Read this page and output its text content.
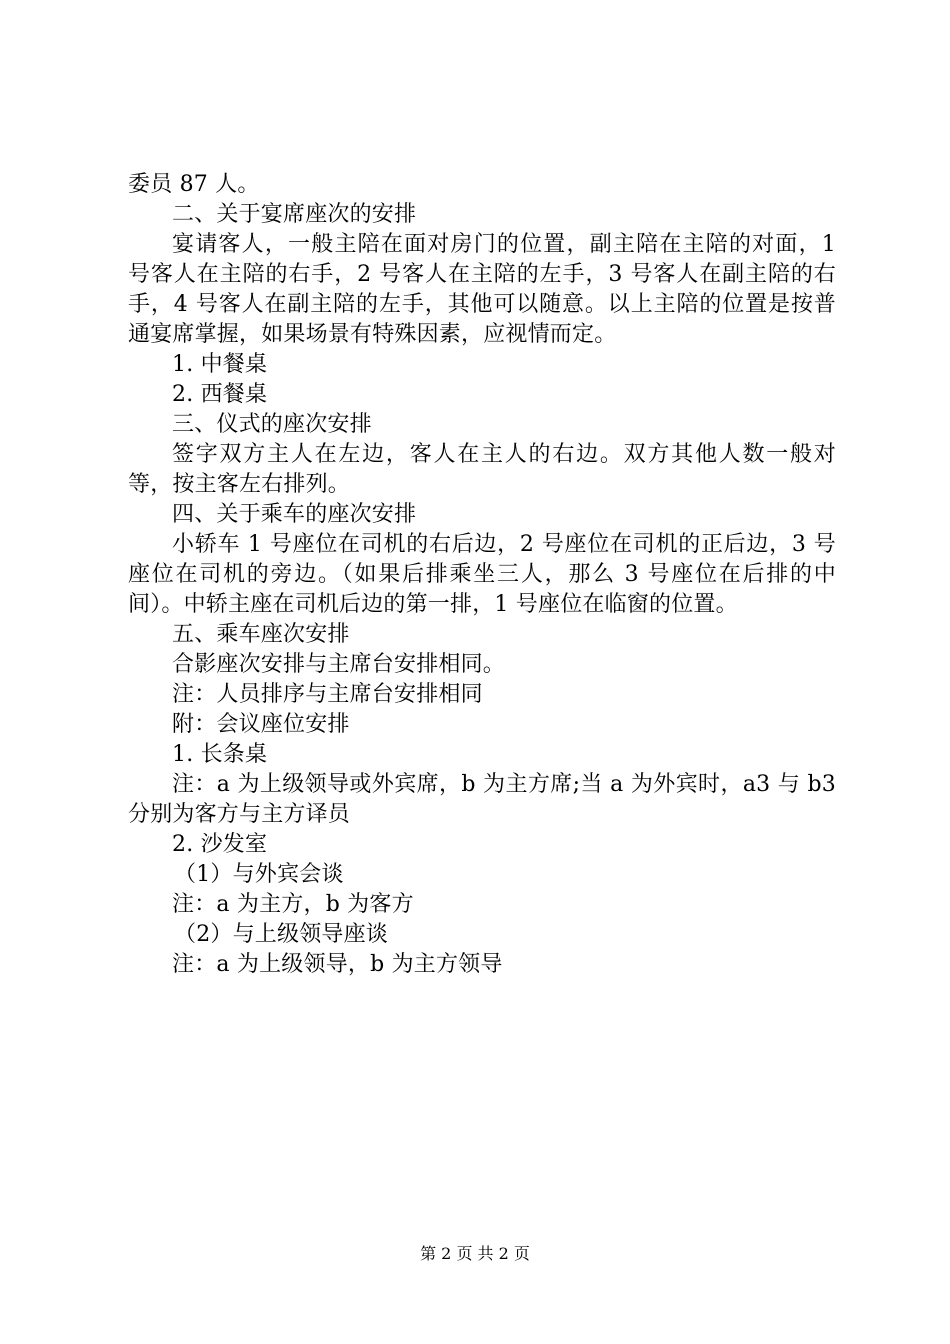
委员 87 人。

二、关于宴席座次的安排

宴请客人，一般主陪在面对房门的位置，副主陪在主陪的对面，1 号客人在主陪的右手，2 号客人在主陪的左手，3 号客人在副主陪的右手，4 号客人在副主陪的左手，其他可以随意。以上主陪的位置是按普通宴席掌握，如果场景有特殊因素，应视情而定。

1. 中餐桌

2. 西餐桌

三、仪式的座次安排

签字双方主人在左边，客人在主人的右边。双方其他人数一般对等，按主客左右排列。

四、关于乘车的座次安排

小轿车 1 号座位在司机的右后边，2 号座位在司机的正后边，3 号座位在司机的旁边。（如果后排乘坐三人，那么 3 号座位在后排的中间）。中轿主座在司机后边的第一排，1 号座位在临窗的位置。

五、乘车座次安排

合影座次安排与主席台安排相同。

注：人员排序与主席台安排相同

附：会议座位安排

1. 长条桌

注：a 为上级领导或外宾席，b 为主方席;当 a 为外宾时，a3 与 b3 分别为客方与主方译员

2. 沙发室

（1）与外宾会谈

注：a 为主方，b 为客方

（2）与上级领导座谈

注：a 为上级领导，b 为主方领导

第 2 页 共 2 页
